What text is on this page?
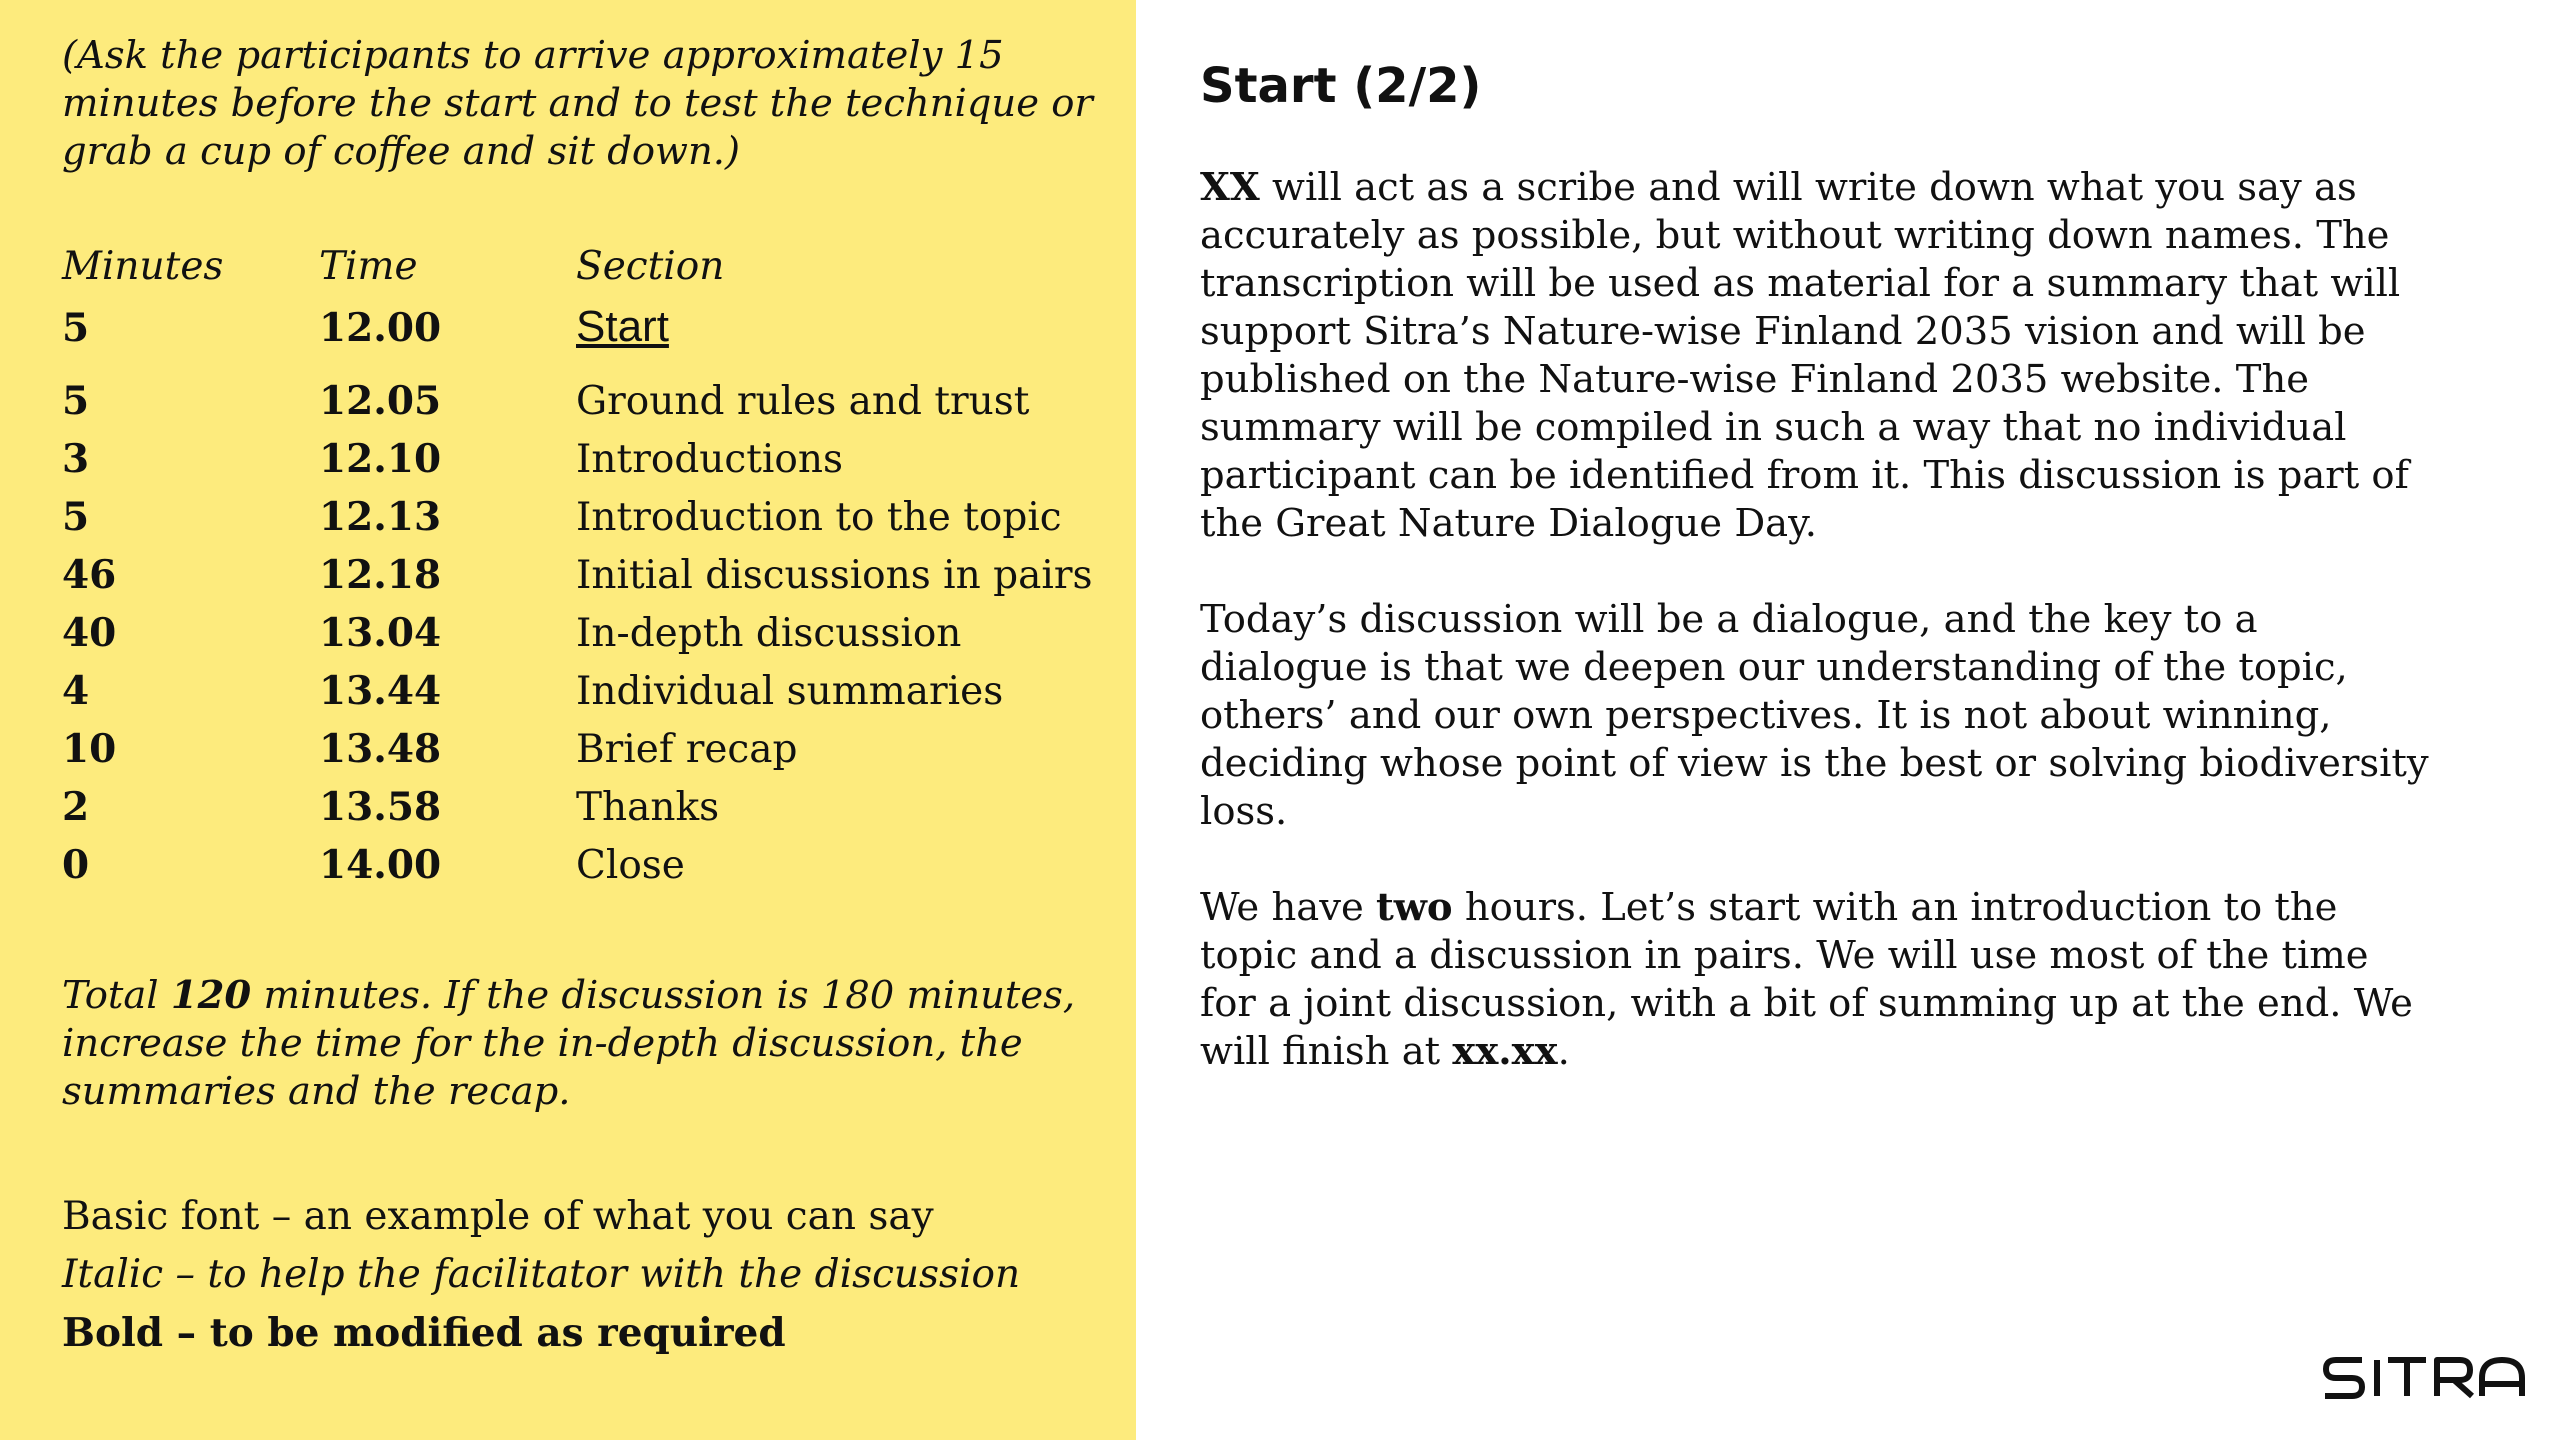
(Ask the participants to arrive approximately 15 minutes before the start and to test the technique or grab a cup of coffee and sit down.)

Minutes	Time	Section
5	12.00	Start
5	12.05	Ground rules and trust
3	12.10	Introductions
5	12.13	Introduction to the topic
46	12.18	Initial discussions in pairs
40	13.04	In-depth discussion
4	13.44	Individual summaries
10	13.48	Brief recap
2	13.58	Thanks
0	14.00	Close

Total 120 minutes. If the discussion is 180 minutes, increase the time for the in-depth discussion, the summaries and the recap.

Basic font – an example of what you can say
Italic – to help the facilitator with the discussion
Bold – to be modified as required
Start (2/2)

XX will act as a scribe and will write down what you say as accurately as possible, but without writing down names. The transcription will be used as material for a summary that will support Sitra’s Nature-wise Finland 2035 vision and will be published on the Nature-wise Finland 2035 website. The summary will be compiled in such a way that no individual participant can be identified from it. This discussion is part of the Great Nature Dialogue Day.

Today’s discussion will be a dialogue, and the key to a dialogue is that we deepen our understanding of the topic, others’ and our own perspectives. It is not about winning, deciding whose point of view is the best or solving biodiversity loss.

We have two hours. Let’s start with an introduction to the topic and a discussion in pairs. We will use most of the time for a joint discussion, with a bit of summing up at the end. We will finish at xx.xx.
